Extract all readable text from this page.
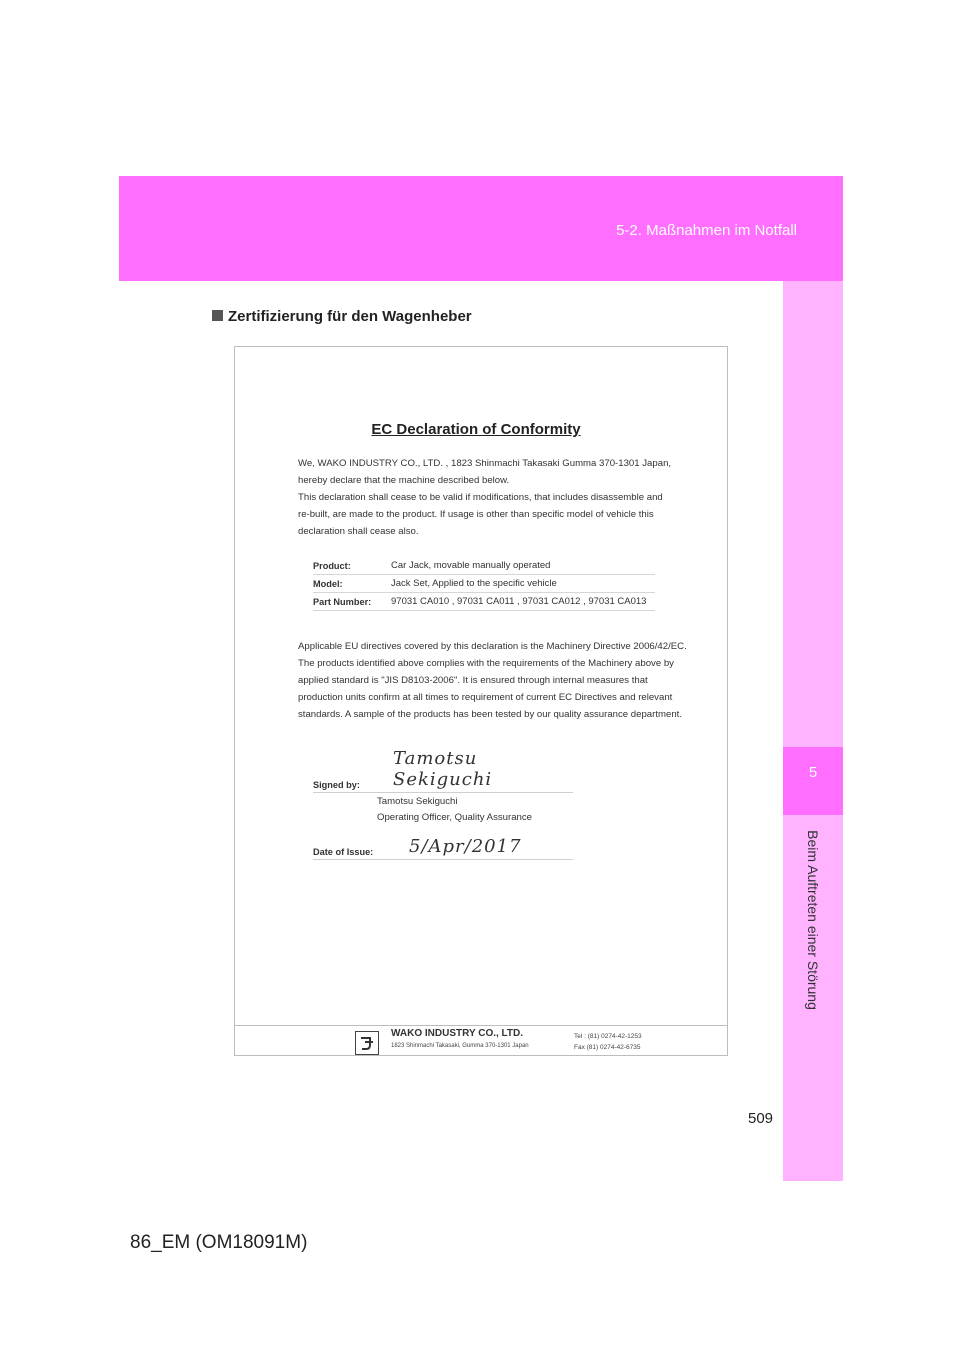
5-2. Maßnahmen im Notfall
5
Beim Auftreten einer Störung
Zertifizierung für den Wagenheber
EC Declaration of Conformity
We, WAKO INDUSTRY CO., LTD. , 1823 Shinmachi Takasaki Gumma 370-1301 Japan,
hereby declare that the machine described below.
This declaration shall cease to be valid if modifications, that includes disassemble and
re-built, are made to the product. If usage is other than specific model of vehicle this
declaration shall cease also.
Product:	Car Jack, movable manually operated
Model:	Jack Set, Applied to the specific vehicle
Part Number:	97031 CA010 , 97031 CA011 , 97031 CA012 , 97031 CA013
Applicable EU directives covered by this declaration is the Machinery Directive 2006/42/EC.
The products identified above complies with the requirements of the Machinery above by
applied standard is "JIS D8103-2006". It is ensured through internal measures that
production units confirm at all times to requirement of current EC Directives and relevant
standards. A sample of the products has been tested by our quality assurance department.
Signed by:
Tamotsu Sekiguchi
Tamotsu Sekiguchi
Operating Officer, Quality Assurance
Date of Issue: 5/Apr/2017
WAKO INDUSTRY CO., LTD.
1823 Shinmachi Takasaki, Gumma 370-1301 Japan
Tel : (81) 0274-42-1253
Fax (81) 0274-42-6735
509
86_EM (OM18091M)
